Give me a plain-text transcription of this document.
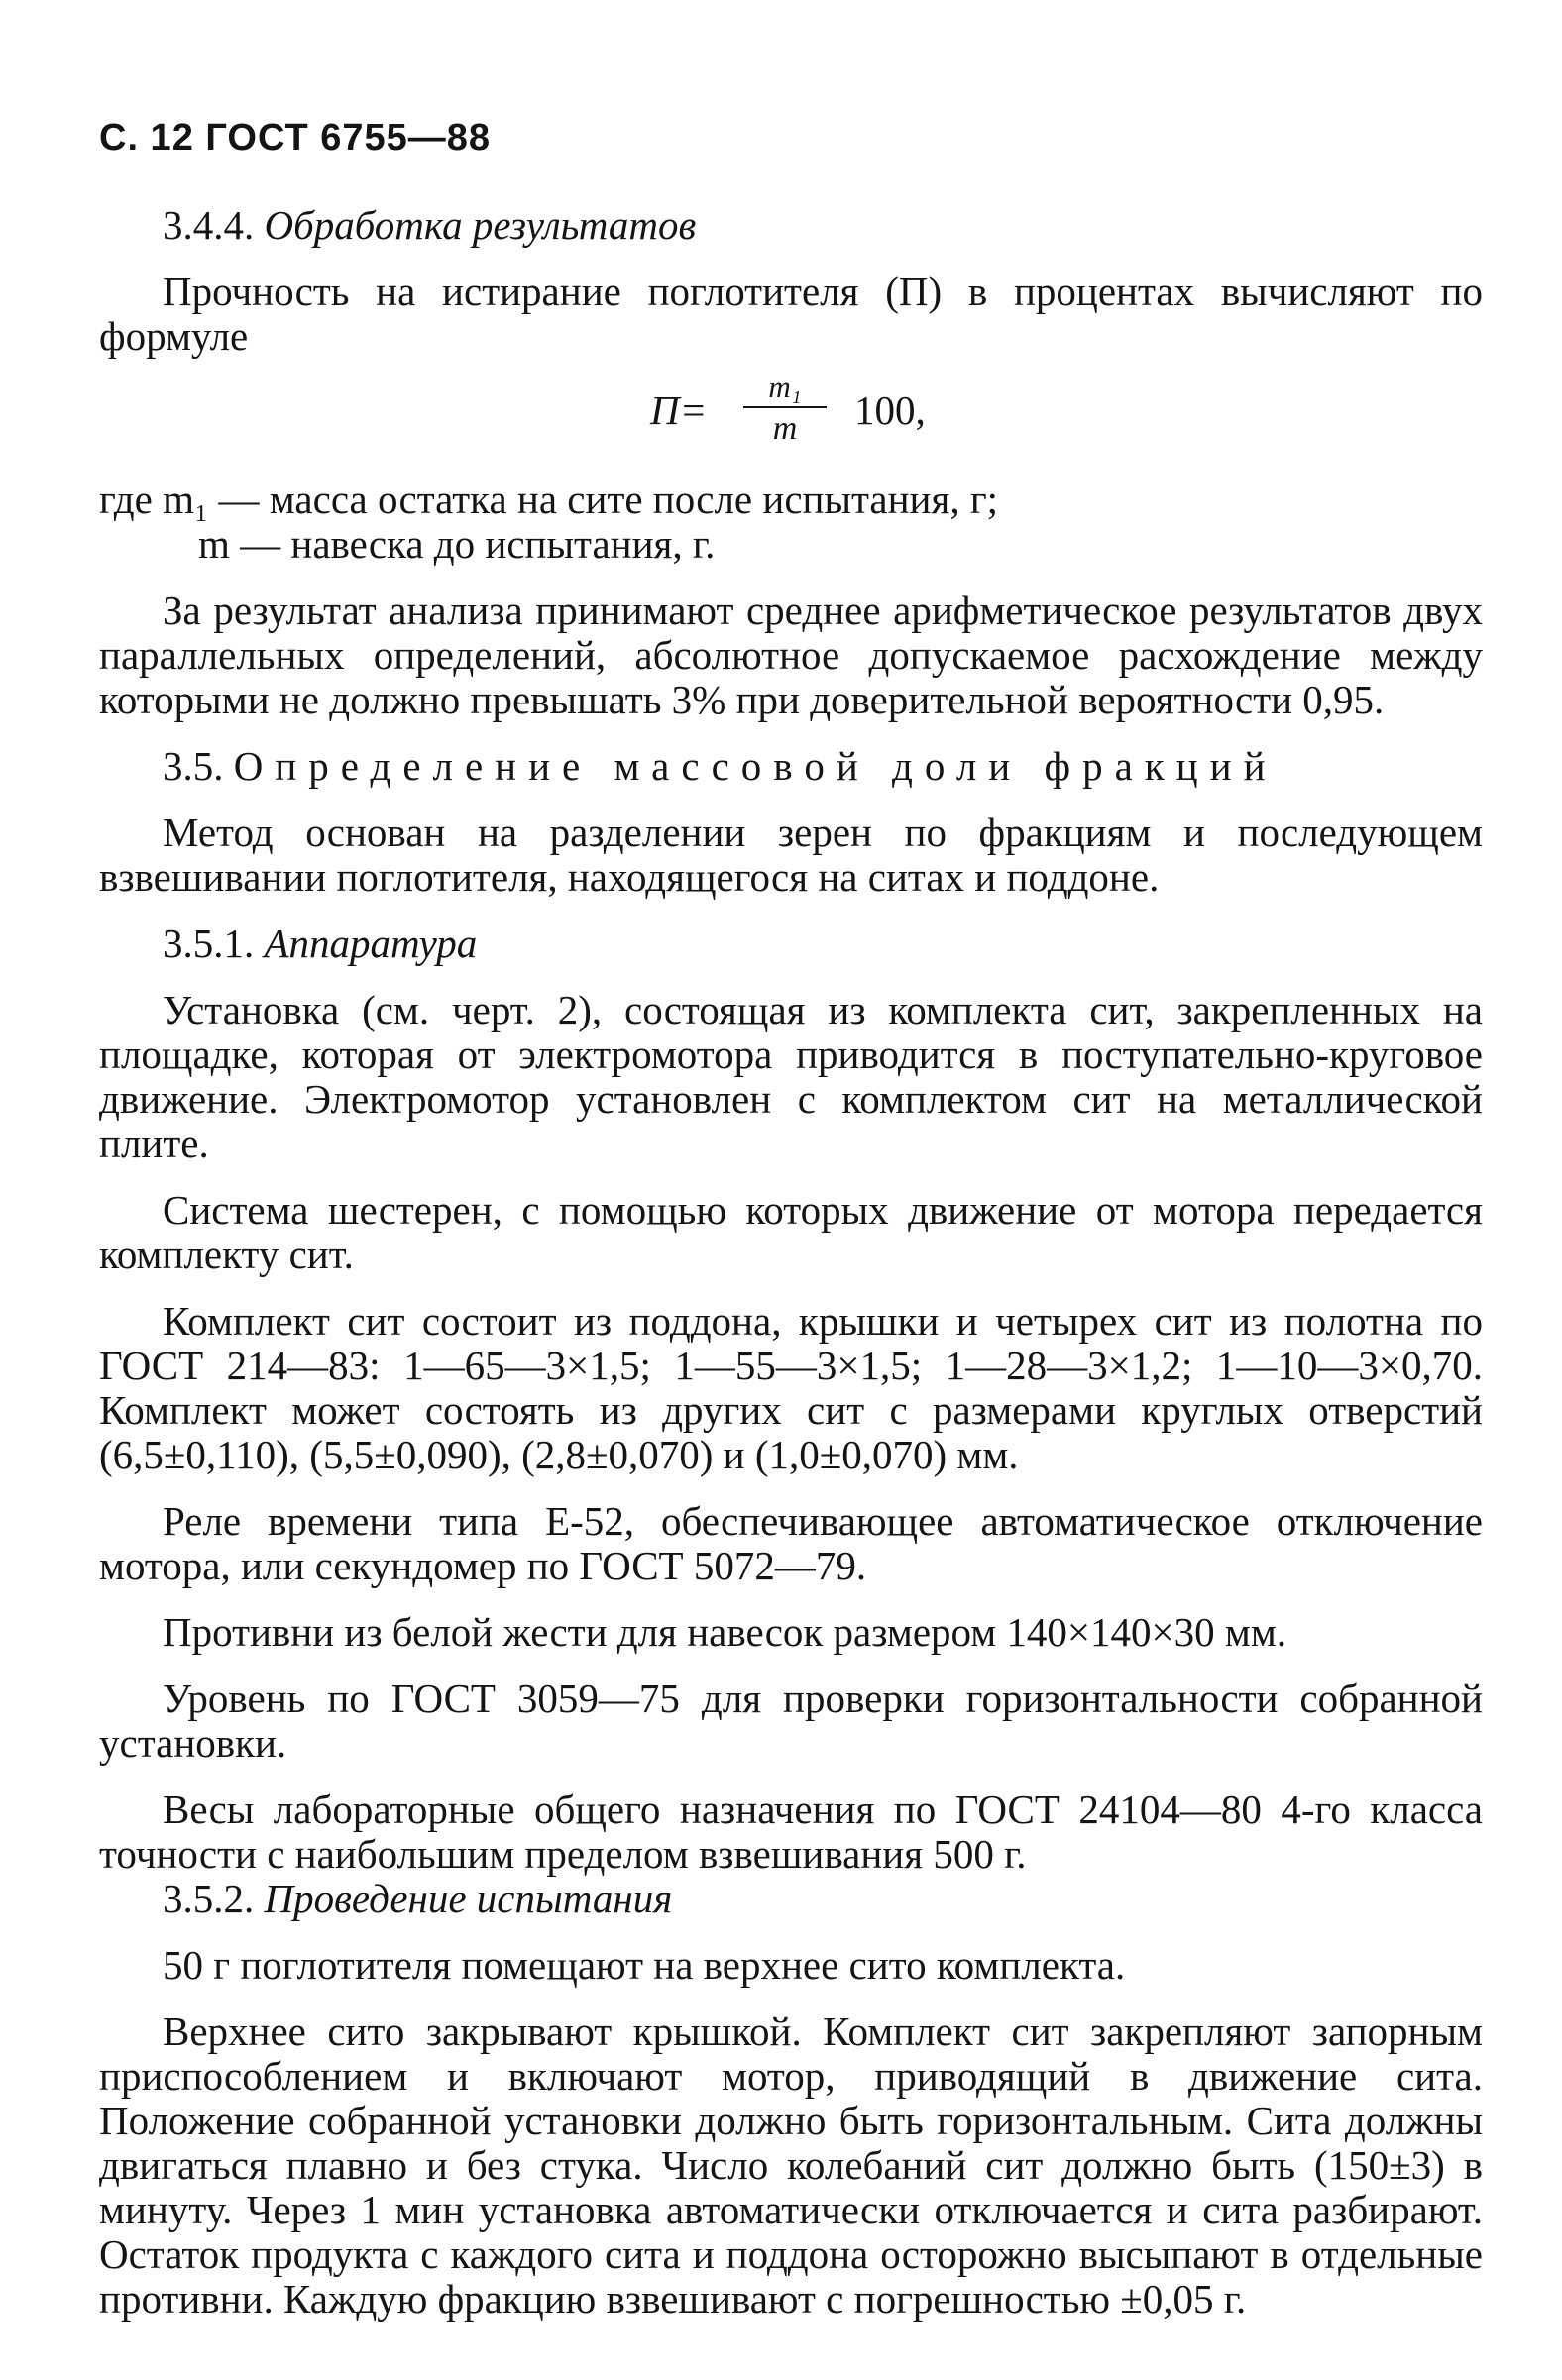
С. 12 ГОСТ 6755—88

3.4.4. Обработка результатов

Прочность на истирание поглотителя (П) в процентах вычисляют по формуле

$П= \frac{\text{m₁}}{m} 100$,

где m₁ — масса остатка на сите после испытания, г;

m — навеска до испытания, г.

За результат анализа принимают среднее арифметическое результатов двух параллельных определений, абсолютное допускаемое расхождение между которыми не должно превышать 3% при доверительной вероятности 0,95.

3.5. Определение массовой доли фракций

Метод основан на разделении зерен по фракциям и последующем взвешивании поглотителя, находящегося на ситах и поддоне.

3.5.1. Аппаратура

Установка (см. черт. 2), состоящая из комплекта сит, закрепленных на площадке, которая от электромотора приводится в поступательно-круговое движение. Электромотор установлен с комплектом сит на металлической плите.

Система шестерен, с помощью которых движение от мотора передается комплекту сит.

Комплект сит состоит из поддона, крышки и четырех сит из полотна по ГОСТ 214—83: 1—65—3×1,5; 1—55—3×1,5; 1—28—3×1,2; 1—10—3×0,70. Комплект может состоять из других сит с размерами круглых отверстий (6,5±0,110), (5,5±0,090), (2,8±0,070) и (1,0±0,070) мм.

Реле времени типа Е-52, обеспечивающее автоматическое отключение мотора, или секундомер по ГОСТ 5072—79.

Противни из белой жести для навесок размером 140×140×30 мм.

Уровень по ГОСТ 3059—75 для проверки горизонтальности собранной установки.

Весы лабораторные общего назначения по ГОСТ 24104—80 4-го класса точности с наибольшим пределом взвешивания 500 г.

3.5.2. Проведение испытания

50 г поглотителя помещают на верхнее сито комплекта.

Верхнее сито закрывают крышкой. Комплект сит закрепляют запорным приспособлением и включают мотор, приводящий в движение сита. Положение собранной установки должно быть горизонтальным. Сита должны двигаться плавно и без стука. Число колебаний сит должно быть (150±3) в минуту. Через 1 мин установка автоматически отключается и сита разбирают. Остаток продукта с каждого сита и поддона осторожно высыпают в отдельные противни. Каждую фракцию взвешивают с погрешностью ±0,05 г.
